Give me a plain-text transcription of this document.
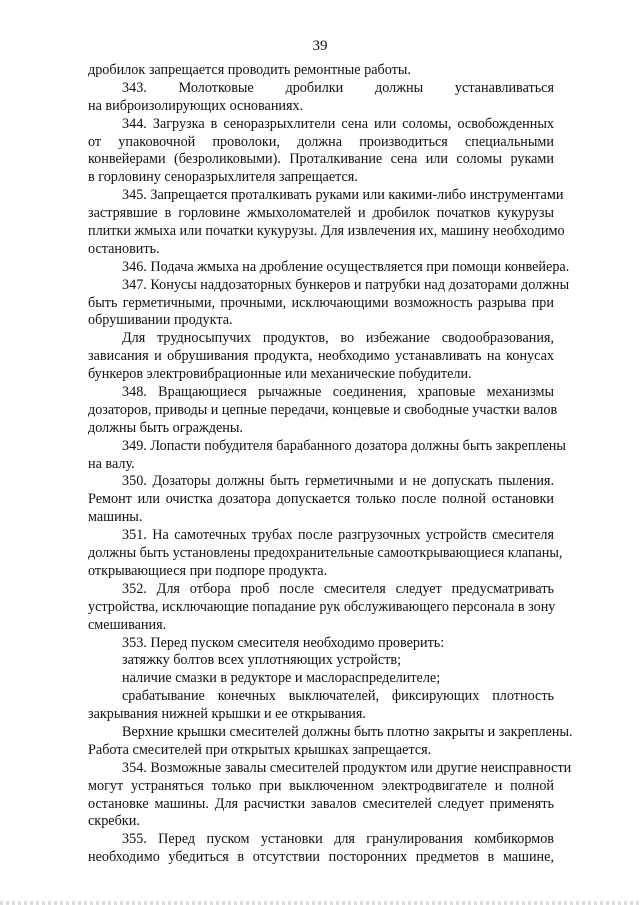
39
дробилок запрещается проводить ремонтные работы.
343. Молотковые дробилки должны устанавливаться
на виброизолирующих основаниях.
344. Загрузка в сеноразрыхлители сена или соломы, освобожденных
от упаковочной проволоки, должна производиться специальными
конвейерами (безроликовыми). Проталкивание сена или соломы руками
в горловину сеноразрыхлителя запрещается.
345. Запрещается проталкивать руками или какими-либо инструментами
застрявшие в горловине жмыхоломателей и дробилок початков кукурузы
плитки жмыха или початки кукурузы. Для извлечения их, машину необходимо
остановить.
346. Подача жмыха на дробление осуществляется при помощи конвейера.
347. Конусы наддозаторных бункеров и патрубки над дозаторами должны
быть герметичными, прочными, исключающими возможность разрыва при
обрушивании продукта.
Для трудносыпучих продуктов, во избежание сводообразования,
зависания и обрушивания продукта, необходимо устанавливать на конусах
бункеров электровибрационные или механические побудители.
348. Вращающиеся рычажные соединения, храповые механизмы
дозаторов, приводы и цепные передачи, концевые и свободные участки валов
должны быть ограждены.
349. Лопасти побудителя барабанного дозатора должны быть закреплены
на валу.
350. Дозаторы должны быть герметичными и не допускать пыления.
Ремонт или очистка дозатора допускается только после полной остановки
машины.
351. На самотечных трубах после разгрузочных устройств смесителя
должны быть установлены предохранительные самооткрывающиеся клапаны,
открывающиеся при подпоре продукта.
352. Для отбора проб после смесителя следует предусматривать
устройства, исключающие попадание рук обслуживающего персонала в зону
смешивания.
353. Перед пуском смесителя необходимо проверить:
затяжку болтов всех уплотняющих устройств;
наличие смазки в редукторе и маслораспределителе;
срабатывание конечных выключателей, фиксирующих плотность
закрывания нижней крышки и ее открывания.
Верхние крышки смесителей должны быть плотно закрыты и закреплены.
Работа смесителей при открытых крышках запрещается.
354. Возможные завалы смесителей продуктом или другие неисправности
могут устраняться только при выключенном электродвигателе и полной
остановке машины. Для расчистки завалов смесителей следует применять
скребки.
355. Перед пуском установки для гранулирования комбикормов
необходимо убедиться в отсутствии посторонних предметов в машине,
